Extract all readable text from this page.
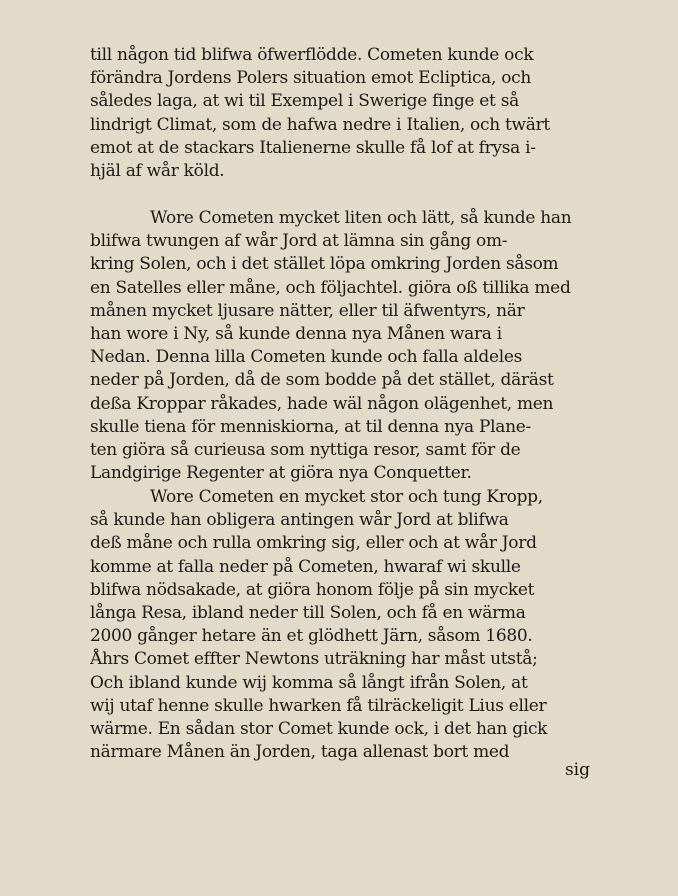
till någon tid blifwa öfwerflödde. Cometen kunde ock
förändra Jordens Polers situation emot Ecliptica, och
således laga, at wi til Exempel i Swerige finge et så
lindrigt Climat, som de hafwa nedre i Italien, och twärt
emot at de stackars Italienerne skulle få lof at frysa i-
hjäl af wår köld.
Wore Cometen mycket liten och lätt, så kunde han
blifwa twungen af wår Jord at lämna sin gång om-
kring Solen, och i det stället löpa omkring Jorden såsom
en Satelles eller måne, och följachtel. giöra oß tillika med
månen mycket ljusare nätter, eller til äfwentyrs, när
han wore i Ny, så kunde denna nya Månen wara i
Nedan. Denna lilla Cometen kunde och falla aldeles
neder på Jorden, då de som bodde på det stället, däräst
deßa Kroppar råkades, hade wäl någon olägenhet, men
skulle tiena för menniskiorna, at til denna nya Plane-
ten giöra så curieusa som nyttiga resor, samt för de
Landgirige Regenter at giöra nya Conquetter.
Wore Cometen en mycket stor och tung Kropp,
så kunde han obligera antingen wår Jord at blifwa
deß måne och rulla omkring sig, eller och at wår Jord
komme at falla neder på Cometen, hwaraf wi skulle
blifwa nödsakade, at giöra honom följe på sin mycket
långa Resa, ibland neder till Solen, och få en wärma
2000 gånger hetare än et glödhett Järn, såsom 1680.
Åhrs Comet effter Newtons uträkning har måst utstå;
Och ibland kunde wij komma så långt ifrån Solen, at
wij utaf henne skulle hwarken få tilräckeligit Lius eller
wärme. En sådan stor Comet kunde ock, i det han gick
närmare Månen än Jorden, taga allenast bort med
sig
